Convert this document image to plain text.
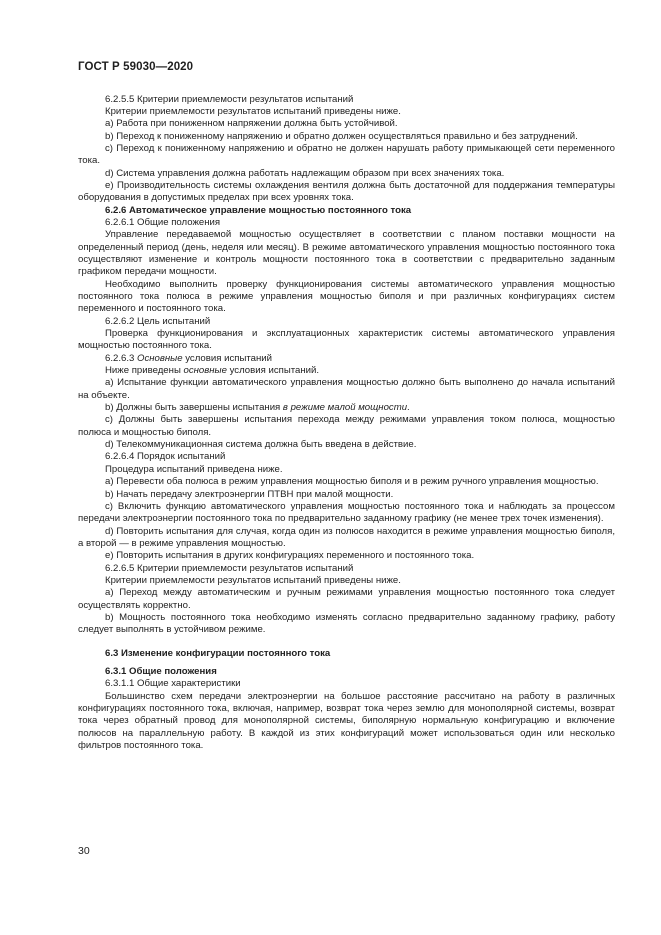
ГОСТ Р 59030—2020

6.2.5.5 Критерии приемлемости результатов испытаний

Критерии приемлемости результатов испытаний приведены ниже.

a) Работа при пониженном напряжении должна быть устойчивой.

b) Переход к пониженному напряжению и обратно должен осуществляться правильно и без затруднений.

c) Переход к пониженному напряжению и обратно не должен нарушать работу примыкающей сети переменного тока.

d) Система управления должна работать надлежащим образом при всех значениях тока.

e) Производительность системы охлаждения вентиля должна быть достаточной для поддержания температуры оборудования в допустимых пределах при всех уровнях тока.

6.2.6 Автоматическое управление мощностью постоянного тока

6.2.6.1 Общие положения

Управление передаваемой мощностью осуществляет в соответствии с планом поставки мощности на определенный период (день, неделя или месяц). В режиме автоматического управления мощностью постоянного тока осуществляют изменение и контроль мощности постоянного тока в соответствии с предварительно заданным графиком передачи мощности.

Необходимо выполнить проверку функционирования системы автоматического управления мощностью постоянного тока полюса в режиме управления мощностью биполя и при различных конфигурациях систем переменного и постоянного тока.

6.2.6.2 Цель испытаний

Проверка функционирования и эксплуатационных характеристик системы автоматического управления мощностью постоянного тока.

6.2.6.3 Основные условия испытаний

Ниже приведены основные условия испытаний.

a) Испытание функции автоматического управления мощностью должно быть выполнено до начала испытаний на объекте.

b) Должны быть завершены испытания в режиме малой мощности.

c) Должны быть завершены испытания перехода между режимами управления током полюса, мощностью полюса и мощностью биполя.

d) Телекоммуникационная система должна быть введена в действие.

6.2.6.4 Порядок испытаний

Процедура испытаний приведена ниже.

a) Перевести оба полюса в режим управления мощностью биполя и в режим ручного управления мощностью.

b) Начать передачу электроэнергии ПТВН при малой мощности.

c) Включить функцию автоматического управления мощностью постоянного тока и наблюдать за процессом передачи электроэнергии постоянного тока по предварительно заданному графику (не менее трех точек изменения).

d) Повторить испытания для случая, когда один из полюсов находится в режиме управления мощностью биполя, а второй — в режиме управления мощностью.

e) Повторить испытания в других конфигурациях переменного и постоянного тока.

6.2.6.5 Критерии приемлемости результатов испытаний

Критерии приемлемости результатов испытаний приведены ниже.

a) Переход между автоматическим и ручным режимами управления мощностью постоянного тока следует осуществлять корректно.

b) Мощность постоянного тока необходимо изменять согласно предварительно заданному графику, работу следует выполнять в устойчивом режиме.

6.3 Изменение конфигурации постоянного тока

6.3.1 Общие положения

6.3.1.1 Общие характеристики

Большинство схем передачи электроэнергии на большое расстояние рассчитано на работу в различных конфигурациях постоянного тока, включая, например, возврат тока через землю для монополярной системы, возврат тока через обратный провод для монополярной системы, биполярную нормальную конфигурацию и включение полюсов на параллельную работу. В каждой из этих конфигураций может использоваться один или несколько фильтров постоянного тока.

30
